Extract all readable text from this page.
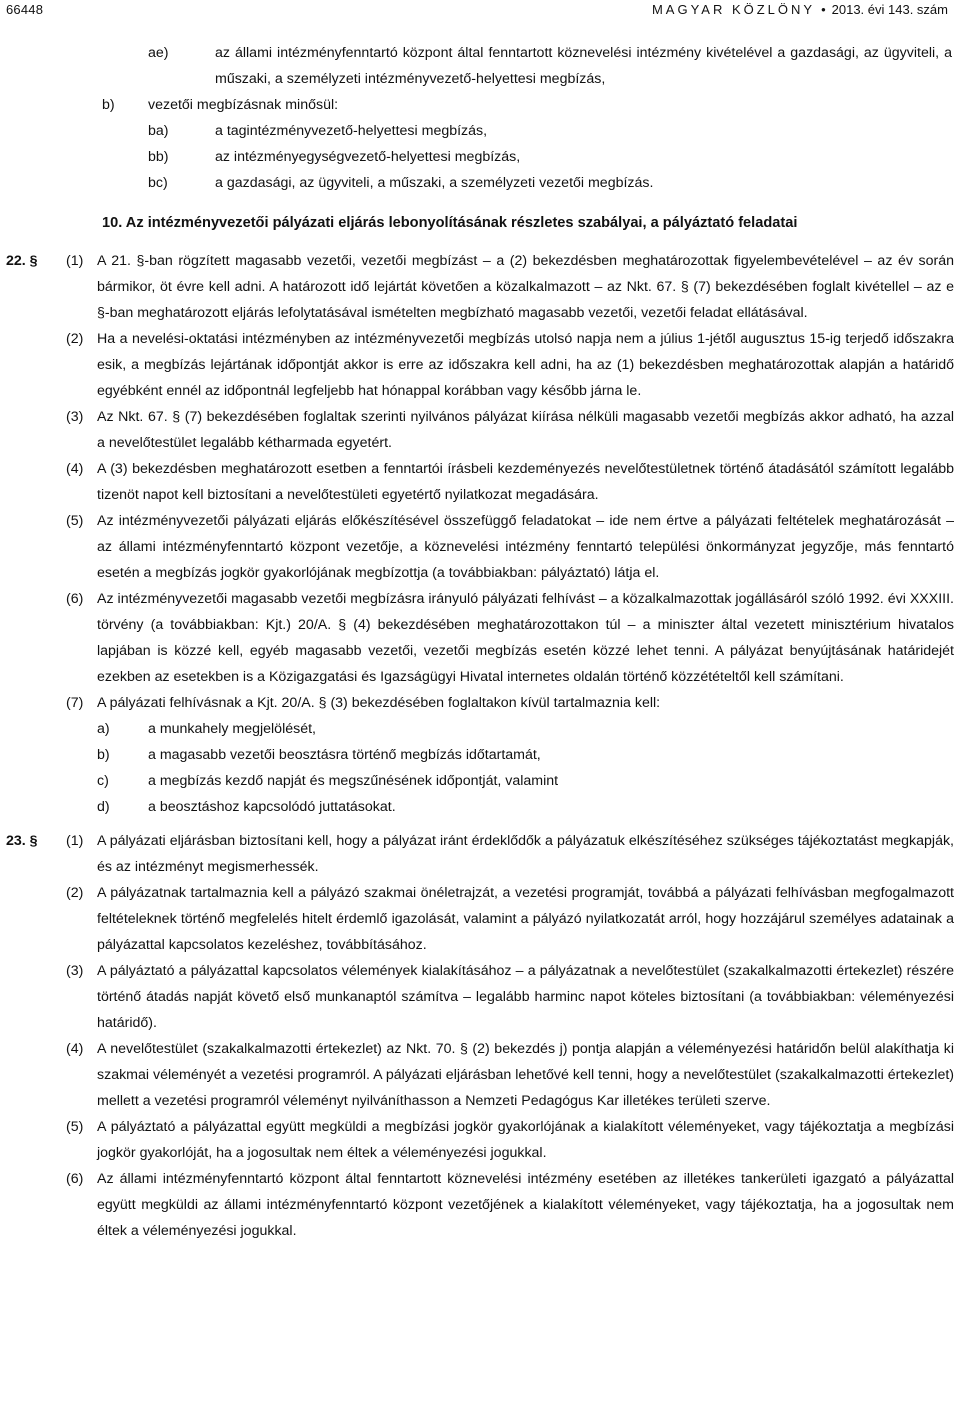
66448	MAGYAR KÖZLÖNY • 2013. évi 143. szám
ae)	az állami intézményfenntartó központ által fenntartott köznevelési intézmény kivételével a gazdasági, az ügyviteli, a műszaki, a személyzeti intézményvezető-helyettesi megbízás,
b) vezetői megbízásnak minősül:
ba)	a tagintézményvezető-helyettesi megbízás,
bb)	az intézményegységvezető-helyettesi megbízás,
bc)	a gazdasági, az ügyviteli, a műszaki, a személyzeti vezetői megbízás.
10. Az intézményvezetői pályázati eljárás lebonyolításának részletes szabályai, a pályáztató feladatai
22. § (1) A 21. §-ban rögzített magasabb vezetői, vezetői megbízást – a (2) bekezdésben meghatározottak figyelembevételével – az év során bármikor, öt évre kell adni. A határozott idő lejártát követően a közalkalmazott – az Nkt. 67. § (7) bekezdésében foglalt kivétellel – az e §-ban meghatározott eljárás lefolytatásával ismételten megbízható magasabb vezetői, vezetői feladat ellátásával.
(2) Ha a nevelési-oktatási intézményben az intézményvezetői megbízás utolsó napja nem a július 1-jétől augusztus 15-ig terjedő időszakra esik, a megbízás lejártának időpontját akkor is erre az időszakra kell adni, ha az (1) bekezdésben meghatározottak alapján a határidő egyébként ennél az időpontnál legfeljebb hat hónappal korábban vagy később járna le.
(3) Az Nkt. 67. § (7) bekezdésében foglaltak szerinti nyilvános pályázat kiírása nélküli magasabb vezetői megbízás akkor adható, ha azzal a nevelőtestület legalább kétharmada egyetért.
(4) A (3) bekezdésben meghatározott esetben a fenntartói írásbeli kezdeményezés nevelőtestületnek történő átadásától számított legalább tizenöt napot kell biztosítani a nevelőtestületi egyetértő nyilatkozat megadására.
(5) Az intézményvezetői pályázati eljárás előkészítésével összefüggő feladatokat – ide nem értve a pályázati feltételek meghatározását – az állami intézményfenntartó központ vezetője, a köznevelési intézmény fenntartó települési önkormányzat jegyzője, más fenntartó esetén a megbízás jogkör gyakorlójának megbízottja (a továbbiakban: pályáztató) látja el.
(6) Az intézményvezetői magasabb vezetői megbízásra irányuló pályázati felhívást – a közalkalmazottak jogállásáról szóló 1992. évi XXXIII. törvény (a továbbiakban: Kjt.) 20/A. § (4) bekezdésében meghatározottakon túl – a miniszter által vezetett minisztérium hivatalos lapjában is közzé kell, egyéb magasabb vezetői, vezetői megbízás esetén közzé lehet tenni. A pályázat benyújtásának határidejét ezekben az esetekben is a Közigazgatási és Igazságügyi Hivatal internetes oldalán történő közzétételtől kell számítani.
(7) A pályázati felhívásnak a Kjt. 20/A. § (3) bekezdésében foglaltakon kívül tartalmaznia kell:
a)	a munkahely megjelölését,
b)	a magasabb vezetői beosztásra történő megbízás időtartamát,
c)	a megbízás kezdő napját és megszűnésének időpontját, valamint
d)	a beosztáshoz kapcsolódó juttatásokat.
23. § (1) A pályázati eljárásban biztosítani kell, hogy a pályázat iránt érdeklődők a pályázatuk elkészítéséhez szükséges tájékoztatást megkapják, és az intézményt megismerhessék.
(2) A pályázatnak tartalmaznia kell a pályázó szakmai önéletrajzát, a vezetési programját, továbbá a pályázati felhívásban megfogalmazott feltételeknek történő megfelelés hitelt érdemlő igazolását, valamint a pályázó nyilatkozatát arról, hogy hozzájárul személyes adatainak a pályázattal kapcsolatos kezeléshez, továbbításához.
(3) A pályáztató a pályázattal kapcsolatos vélemények kialakításához – a pályázatnak a nevelőtestület (szakalkalmazotti értekezlet) részére történő átadás napját követő első munkanaptól számítva – legalább harminc napot köteles biztosítani (a továbbiakban: véleményezési határidő).
(4) A nevelőtestület (szakalkalmazotti értekezlet) az Nkt. 70. § (2) bekezdés j) pontja alapján a véleményezési határidőn belül alakíthatja ki szakmai véleményét a vezetési programról. A pályázati eljárásban lehetővé kell tenni, hogy a nevelőtestület (szakalkalmazotti értekezlet) mellett a vezetési programról véleményt nyilváníthasson a Nemzeti Pedagógus Kar illetékes területi szerve.
(5) A pályáztató a pályázattal együtt megküldi a megbízási jogkör gyakorlójának a kialakított véleményeket, vagy tájékoztatja a megbízási jogkör gyakorlóját, ha a jogosultak nem éltek a véleményezési jogukkal.
(6) Az állami intézményfenntartó központ által fenntartott köznevelési intézmény esetében az illetékes tankerületi igazgató a pályázattal együtt megküldi az állami intézményfenntartó központ vezetőjének a kialakított véleményeket, vagy tájékoztatja, ha a jogosultak nem éltek a véleményezési jogukkal.
